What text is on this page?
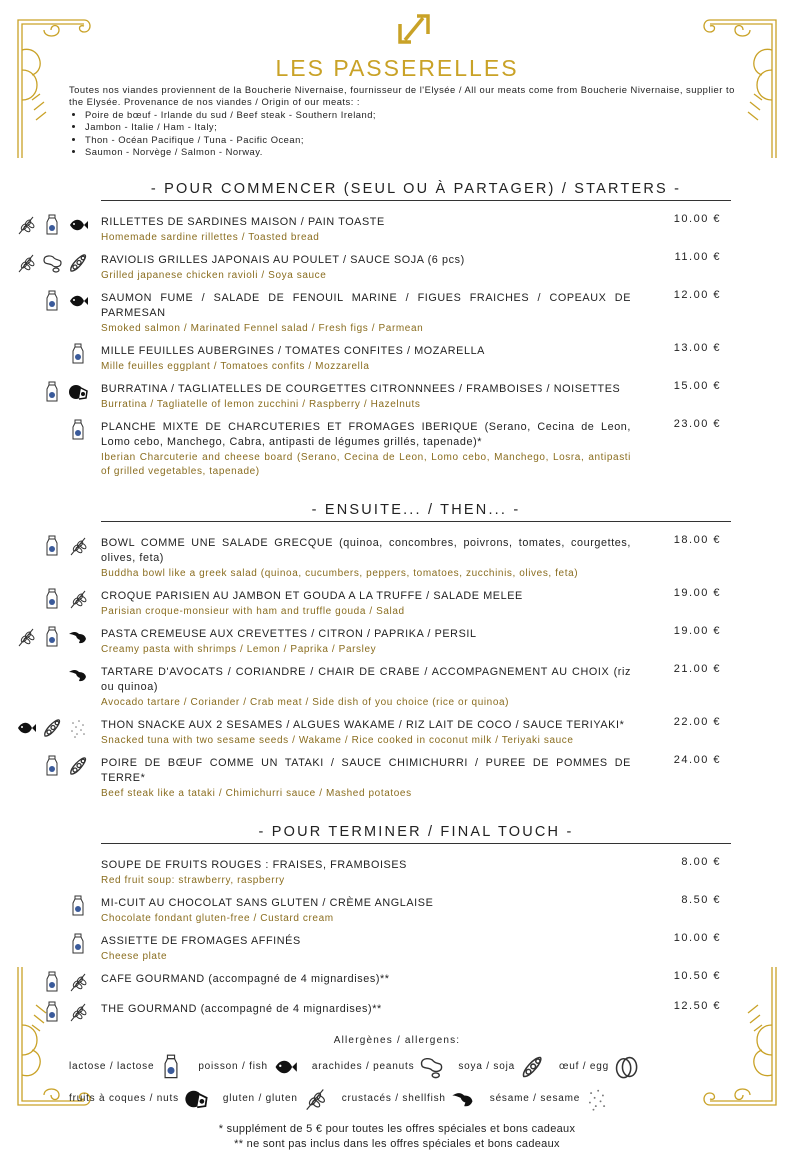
LES PASSERELLES
Toutes nos viandes proviennent de la Boucherie Nivernaise, fournisseur de l'Elysée / All our meats come from Boucherie Nivernaise, supplier to the Elysée. Provenance de nos viandes / Origin of our meats: :
• Poire de bœuf - Irlande du sud / Beef steak - Southern Ireland;
• Jambon - Italie / Ham - Italy;
• Thon - Océan Pacifique / Tuna - Pacific Ocean;
• Saumon - Norvège / Salmon - Norway.
- POUR COMMENCER (SEUL OU À PARTAGER) / STARTERS -
RILLETTES DE SARDINES MAISON / PAIN TOASTE
Homemade sardine rillettes / Toasted bread
10.00 €
RAVIOLIS GRILLES JAPONAIS AU POULET / SAUCE SOJA (6 pcs)
Grilled japanese chicken ravioli / Soya sauce
11.00 €
SAUMON FUME / SALADE DE FENOUIL MARINE / FIGUES FRAICHES / COPEAUX DE PARMESAN
Smoked salmon / Marinated Fennel salad / Fresh figs / Parmean
12.00 €
MILLE FEUILLES AUBERGINES / TOMATES CONFITES / MOZARELLA
Mille feuilles eggplant / Tomatoes confits / Mozzarella
13.00 €
BURRATINA / TAGLIATELLES DE COURGETTES CITRONNNEES / FRAMBOISES / NOISETTES
Burratina / Tagliatelle of lemon zucchini / Raspberry / Hazelnuts
15.00 €
PLANCHE MIXTE DE CHARCUTERIES ET FROMAGES IBERIQUE (Serano, Cecina de Leon, Lomo cebo, Manchego, Cabra, antipasti de légumes grillés, tapenade)*
Iberian Charcuterie and cheese board (Serano, Cecina de Leon, Lomo cebo, Manchego, Losra, antipasti of grilled vegetables, tapenade)
23.00 €
- ENSUITE... / THEN... -
BOWL COMME UNE SALADE GRECQUE (quinoa, concombres, poivrons, tomates, courgettes, olives, feta)
Buddha bowl like a greek salad (quinoa, cucumbers, peppers, tomatoes, zucchinis, olives, feta)
18.00 €
CROQUE PARISIEN AU JAMBON ET GOUDA A LA TRUFFE / SALADE MELEE
Parisian croque-monsieur with ham and truffle gouda / Salad
19.00 €
PASTA CREMEUSE AUX CREVETTES / CITRON / PAPRIKA / PERSIL
Creamy pasta with shrimps / Lemon / Paprika / Parsley
19.00 €
TARTARE D'AVOCATS / CORIANDRE / CHAIR DE CRABE / ACCOMPAGNEMENT AU CHOIX (riz ou quinoa)
Avocado tartare / Coriander / Crab meat / Side dish of you choice (rice or quinoa)
21.00 €
THON SNACKE AUX 2 SESAMES / ALGUES WAKAME / RIZ LAIT DE COCO / SAUCE TERIYAKI*
Snacked tuna with two sesame seeds / Wakame / Rice cooked in coconut milk / Teriyaki sauce
22.00 €
POIRE DE BŒUF COMME UN TATAKI / SAUCE CHIMICHURRI / PUREE DE POMMES DE TERRE*
Beef steak like a tataki / Chimichurri sauce / Mashed potatoes
24.00 €
- POUR TERMINER / FINAL TOUCH -
SOUPE DE FRUITS ROUGES : FRAISES, FRAMBOISES
Red fruit soup: strawberry, raspberry
8.00 €
MI-CUIT AU CHOCOLAT SANS GLUTEN / CRÈME ANGLAISE
Chocolate fondant gluten-free / Custard cream
8.50 €
ASSIETTE DE FROMAGES AFFINÉS
Cheese plate
10.00 €
CAFE GOURMAND (accompagné de 4 mignardises)**	10.50 €
THE GOURMAND (accompagné de 4 mignardises)**	12.50 €
Allergènes / allergens:
lactose / lactose	poisson / fish	arachides / peanuts	soya / soja	œuf / egg
fruits à coques / nuts	gluten / gluten	crustacés / shellfish	sésame / sesame
* supplément de 5 € pour toutes les offres spéciales et bons cadeaux
** ne sont pas inclus dans les offres spéciales et bons cadeaux
